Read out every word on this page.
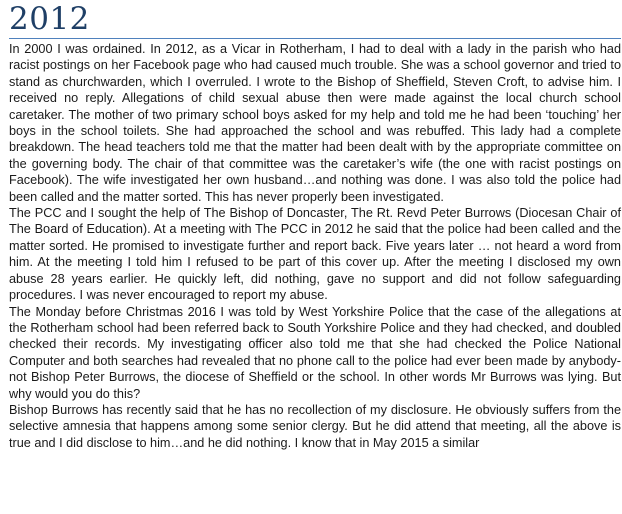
2012

In 2000 I was ordained. In 2012, as a Vicar in Rotherham, I had to deal with a lady in the parish who had racist postings on her Facebook page who had caused much trouble. She was a school governor and tried to stand as churchwarden, which I overruled. I wrote to the Bishop of Sheffield, Steven Croft, to advise him. I received no reply. Allegations of child sexual abuse then were made against the local church school caretaker. The mother of two primary school boys asked for my help and told me he had been ‘touching’ her boys in the school toilets. She had approached the school and was rebuffed. This lady had a complete breakdown. The head teachers told me that the matter had been dealt with by the appropriate committee on the governing body. The chair of that committee was the caretaker’s wife (the one with racist postings on Facebook). The wife investigated her own husband…and nothing was done. I was also told the police had been called and the matter sorted. This has never properly been investigated.

The PCC and I sought the help of The Bishop of Doncaster, The Rt. Revd Peter Burrows (Diocesan Chair of The Board of Education). At a meeting with The PCC in 2012 he said that the police had been called and the matter sorted. He promised to investigate further and report back. Five years later … not heard a word from him. At the meeting I told him I refused to be part of this cover up. After the meeting I disclosed my own abuse 28 years earlier. He quickly left, did nothing, gave no support and did not follow safeguarding procedures. I was never encouraged to report my abuse.

The Monday before Christmas 2016 I was told by West Yorkshire Police that the case of the allegations at the Rotherham school had been referred back to South Yorkshire Police and they had checked, and doubled checked their records. My investigating officer also told me that she had checked the Police National Computer and both searches had revealed that no phone call to the police had ever been made by anybody-not Bishop Peter Burrows, the diocese of Sheffield or the school. In other words Mr Burrows was lying. But why would you do this?

Bishop Burrows has recently said that he has no recollection of my disclosure. He obviously suffers from the selective amnesia that happens among some senior clergy. But he did attend that meeting, all the above is true and I did disclose to him…and he did nothing. I know that in May 2015 a similar
